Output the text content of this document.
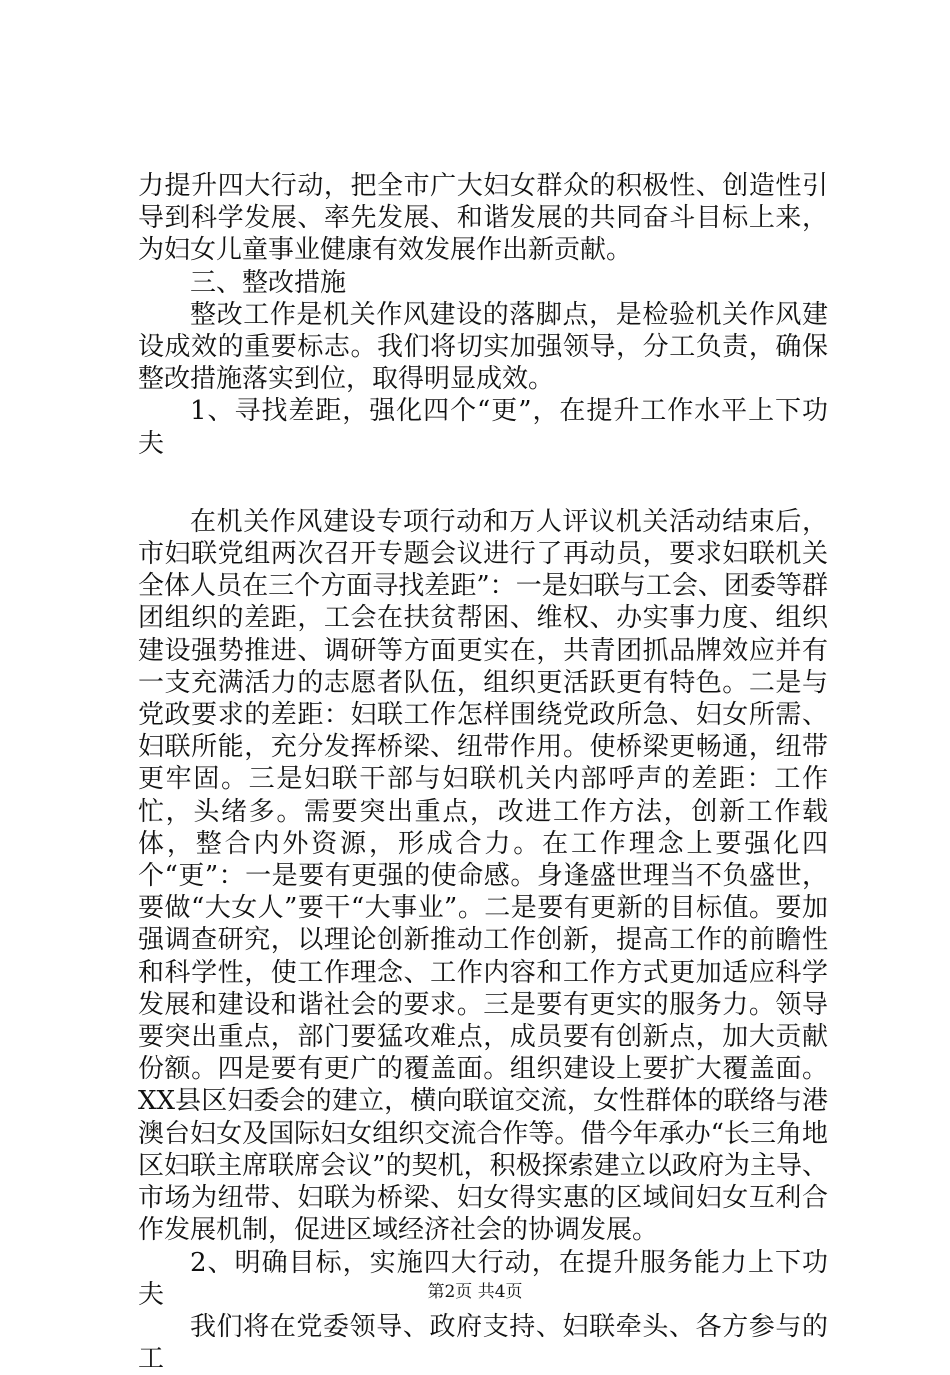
力提升四大行动，把全市广大妇女群众的积极性、创造性引导到科学发展、率先发展、和谐发展的共同奋斗目标上来，为妇女儿童事业健康有效发展作出新贡献。

三、整改措施

整改工作是机关作风建设的落脚点，是检验机关作风建设成效的重要标志。我们将切实加强领导，分工负责，确保整改措施落实到位，取得明显成效。

1、寻找差距，强化四个“更”，在提升工作水平上下功夫

在机关作风建设专项行动和万人评议机关活动结束后，市妇联党组两次召开专题会议进行了再动员，要求妇联机关全体人员在三个方面寻找差距”：一是妇联与工会、团委等群团组织的差距，工会在扶贫帮困、维权、办实事力度、组织建设强势推进、调研等方面更实在，共青团抓品牌效应并有一支充满活力的志愿者队伍，组织更活跃更有特色。二是与党政要求的差距：妇联工作怎样围绕党政所急、妇女所需、妇联所能，充分发挥桥梁、纽带作用。使桥梁更畅通，纽带更牢固。三是妇联干部与妇联机关内部呼声的差距：工作忙，头绪多。需要突出重点，改进工作方法，创新工作载体，整合内外资源，形成合力。在工作理念上要强化四个“更”：一是要有更强的使命感。身逢盛世理当不负盛世，要做“大女人”要干“大事业”。二是要有更新的目标值。要加强调查研究，以理论创新推动工作创新，提高工作的前瞻性和科学性，使工作理念、工作内容和工作方式更加适应科学发展和建设和谐社会的要求。三是要有更实的服务力。领导要突出重点，部门要猛攻难点，成员要有创新点，加大贡献份额。四是要有更广的覆盖面。组织建设上要扩大覆盖面。XX县区妇委会的建立，横向联谊交流，女性群体的联络与港澳台妇女及国际妇女组织交流合作等。借今年承办“长三角地区妇联主席联席会议”的契机，积极探索建立以政府为主导、市场为纽带、妇联为桥梁、妇女得实惠的区域间妇女互利合作发展机制，促进区域经济社会的协调发展。

2、明确目标，实施四大行动，在提升服务能力上下功夫

我们将在党委领导、政府支持、妇联牵头、各方参与的工

第2页 共4页
